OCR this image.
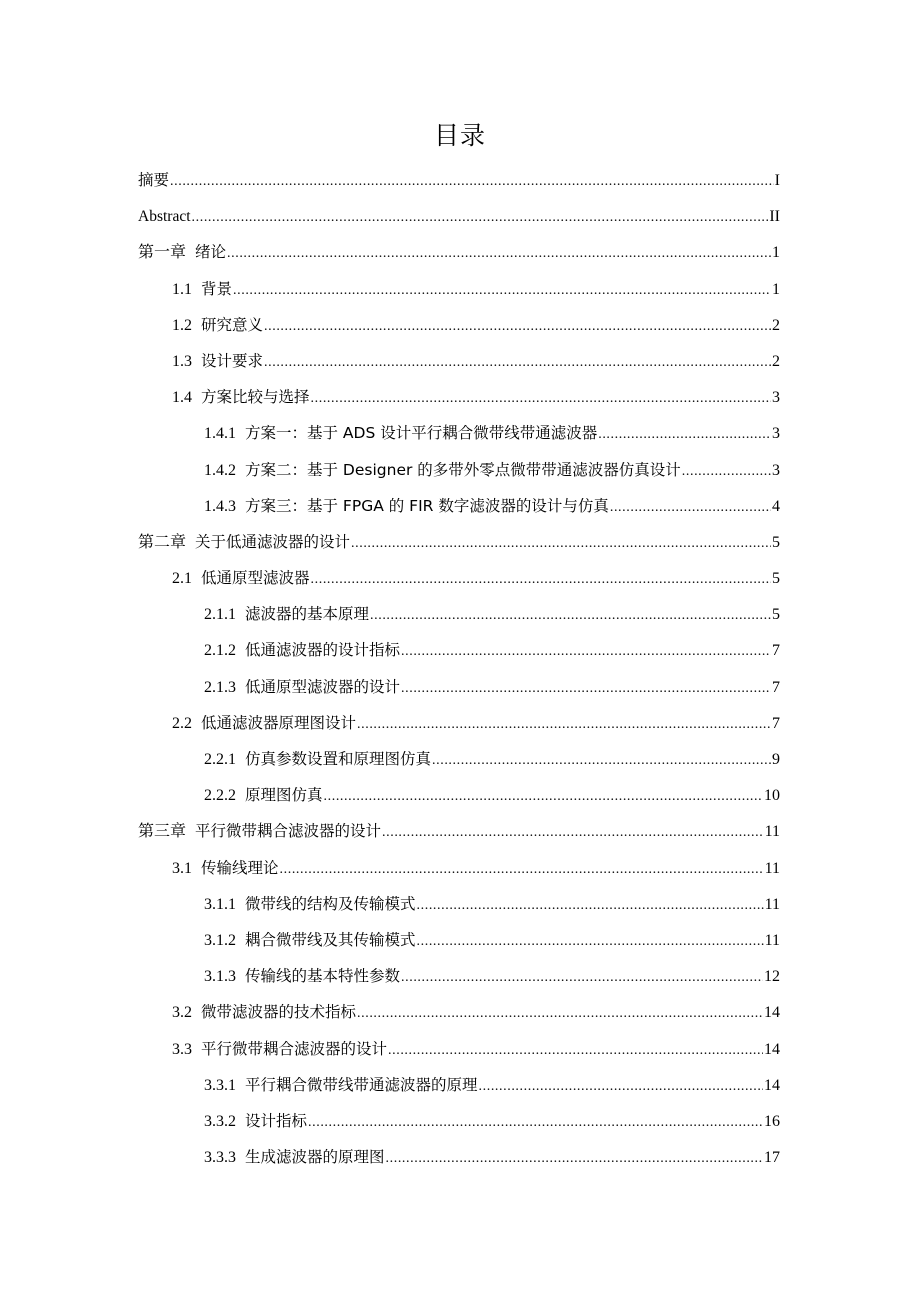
目录
摘要 .....	I
Abstract .....	II
第一章 绪论 .....	1
1.1 背景 .....	1
1.2 研究意义 .....	2
1.3 设计要求 .....	2
1.4 方案比较与选择 .....	3
1.4.1 方案一：基于 ADS 设计平行耦合微带线带通滤波器 .....	3
1.4.2 方案二：基于 Designer 的多带外零点微带带通滤波器仿真设计 .....	3
1.4.3 方案三：基于 FPGA 的 FIR 数字滤波器的设计与仿真 .....	4
第二章 关于低通滤波器的设计 .....	5
2.1 低通原型滤波器 .....	5
2.1.1 滤波器的基本原理 .....	5
2.1.2 低通滤波器的设计指标 .....	7
2.1.3 低通原型滤波器的设计 .....	7
2.2 低通滤波器原理图设计 .....	7
2.2.1 仿真参数设置和原理图仿真 .....	9
2.2.2 原理图仿真 .....	10
第三章 平行微带耦合滤波器的设计 .....	11
3.1 传输线理论 .....	11
3.1.1 微带线的结构及传输模式 .....	11
3.1.2 耦合微带线及其传输模式 .....	11
3.1.3 传输线的基本特性参数 .....	12
3.2 微带滤波器的技术指标 .....	14
3.3 平行微带耦合滤波器的设计 .....	14
3.3.1 平行耦合微带线带通滤波器的原理 .....	14
3.3.2 设计指标 .....	16
3.3.3 生成滤波器的原理图 .....	17
